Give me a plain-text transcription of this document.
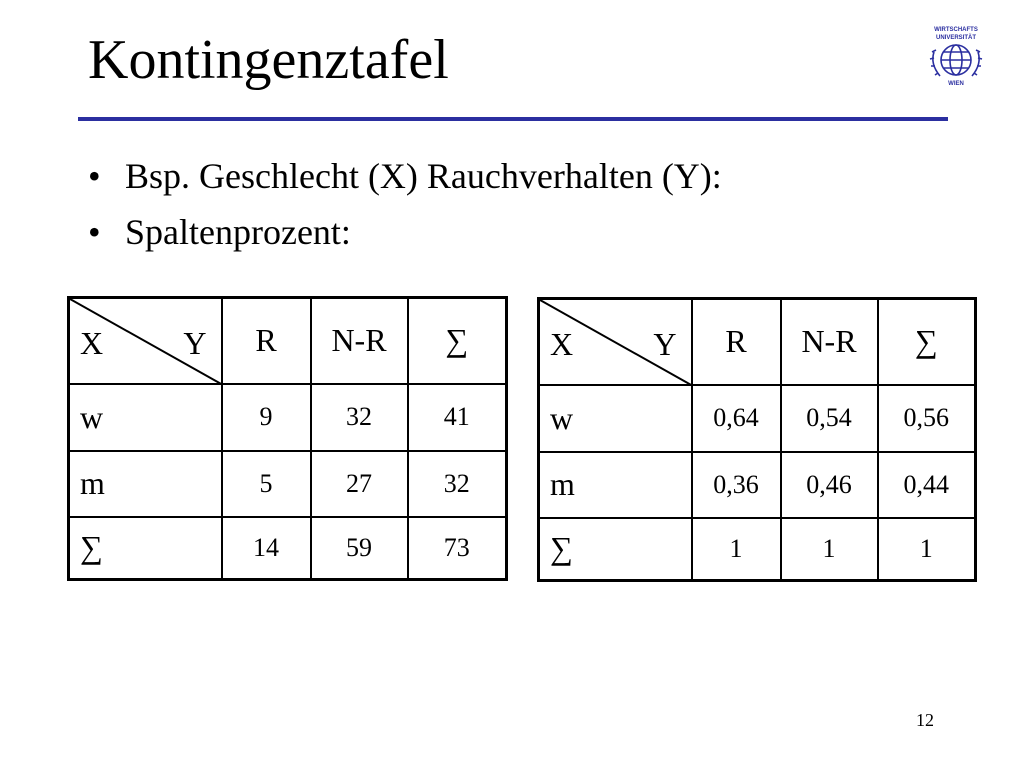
Kontingenztafel	WIRTSCHAFTS
UNIVERSITÄT
WIEN
• Bsp. Geschlecht (X) Rauchverhalten (Y):
• Spaltenprozent:
X Y	R	N-R	∑
w	9	32	41
m	5	27	32
∑	14	59	73
X Y	R	N-R	∑
w	0,64	0,54	0,56
m	0,36	0,46	0,44
∑	1	1	1
12
